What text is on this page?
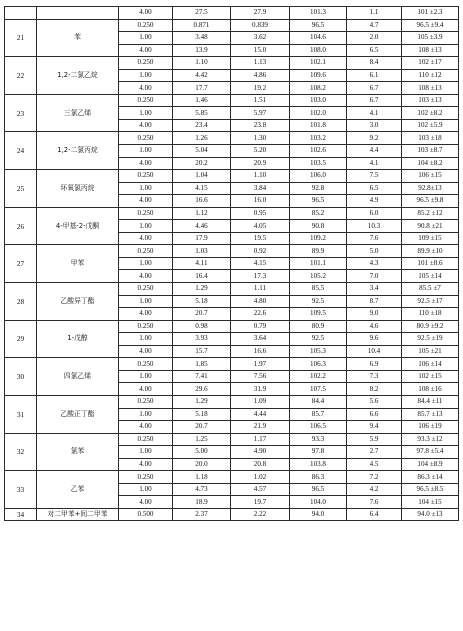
		4.00	27.5	27.9	101.3	1.1	101 ±2.3
21	苯	0.250	0.871	0.839	96.5	4.7	96.5 ±9.4
		1.00	3.48	3.62	104.6	2.0	105 ±3.9
		4.00	13.9	15.0	108.0	6.5	108 ±13
22	1,2-二氯乙烷	0.250	1.10	1.13	102.1	8.4	102 ±17
		1.00	4.42	4.86	109.6	6.1	110 ±12
		4.00	17.7	19.2	108.2	6.7	108 ±13
23	三氯乙烯	0.250	1.46	1.51	103.0	6.7	103 ±13
		1.00	5.85	5.97	102.0	4.1	102 ±8.2
		4.00	23.4	23.8	101.8	3.0	102 ±5.9
24	1,2-二氯丙烷	0.250	1.26	1.30	103.2	9.2	103 ±18
		1.00	5.04	5.20	102.6	4.4	103 ±8.7
		4.00	20.2	20.9	103.5	4.1	104 ±8.2
25	环氧氯丙烷	0.250	1.04	1.10	106.0	7.5	106 ±15
		1.00	4.15	3.84	92.8	6.5	92.8±13
		4.00	16.6	16.0	96.5	4.9	96.5 ±9.8
26	4-甲基-2-戊酮	0.250	1.12	0.95	85.2	6.0	85.2 ±12
		1.00	4.46	4.05	90.8	10.3	90.8 ±21
		4.00	17.9	19.5	109.2	7.6	109 ±15
27	甲苯	0.250	1.03	0.92	89.9	5.0	89.9 ±10
		1.00	4.11	4.15	101.1	4.3	101 ±8.6
		4.00	16.4	17.3	105.2	7.0	105 ±14
28	乙酸异丁酯	0.250	1.29	1.11	85.5	3.4	85.5 ±7
		1.00	5.18	4.80	92.5	8.7	92.5 ±17
		4.00	20.7	22.6	109.5	9.0	110 ±18
29	1-戊醇	0.250	0.98	0.79	80.9	4.6	80.9 ±9.2
		1.00	3.93	3.64	92.5	9.6	92.5 ±19
		4.00	15.7	16.6	105.3	10.4	105 ±21
30	四氯乙烯	0.250	1.85	1.97	106.3	6.9	106 ±14
		1.00	7.41	7.56	102.2	7.3	102 ±15
		4.00	29.6	31.9	107.5	8.2	108 ±16
31	乙酸正丁酯	0.250	1.29	1.09	84.4	5.6	84.4 ±11
		1.00	5.18	4.44	85.7	6.6	85.7 ±13
		4.00	20.7	21.9	106.5	9.4	106 ±19
32	氯苯	0.250	1.25	1.17	93.3	5.9	93.3 ±12
		1.00	5.00	4.90	97.8	2.7	97.8 ±5.4
		4.00	20.0	20.8	103.8	4.5	104 ±8.9
33	乙苯	0.250	1.18	1.02	86.3	7.2	86.3 ±14
		1.00	4.73	4.57	96.5	4.2	96.5 ±8.5
		4.00	18.9	19.7	104.0	7.6	104 ±15
34	对二甲苯+间二甲苯	0.500	2.37	2.22	94.0	6.4	94.0 ±13
